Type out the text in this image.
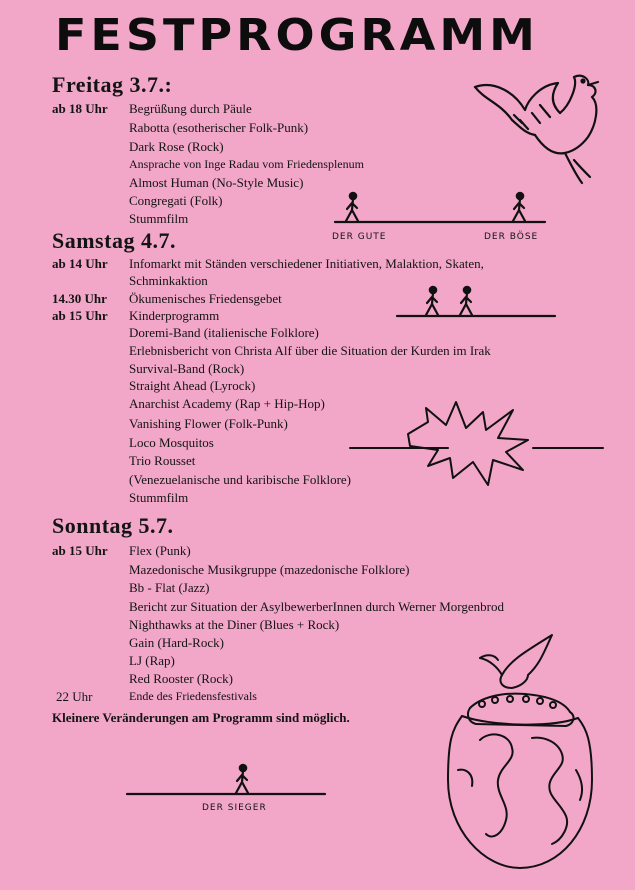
FESTPROGRAMM
Freitag 3.7.:
ab 18 Uhr Begrüßung durch Päule
Rabotta (esotherischer Folk-Punk)
Dark Rose (Rock)
Ansprache von Inge Radau vom Friedensplenum
Almost Human (No-Style Music)
Congregati (Folk)
Stummfilm
Samstag 4.7.
ab 14 Uhr Infomarkt mit Ständen verschiedener Initiativen, Malaktion, Skaten,
Schminkaktion
14.30 Uhr Ökumenisches Friedensgebet
ab 15 Uhr Kinderprogramm
Doremi-Band (italienische Folklore)
Erlebnisbericht von Christa Alf über die Situation der Kurden im Irak
Survival-Band (Rock)
Straight Ahead (Lyrock)
Anarchist Academy (Rap + Hip-Hop)
Vanishing Flower (Folk-Punk)
Loco Mosquitos
Trio Rousset
(Venezuelanische und karibische Folklore)
Stummfilm
Sonntag 5.7.
ab 15 Uhr Flex (Punk)
Mazedonische Musikgruppe (mazedonische Folklore)
Bb - Flat (Jazz)
Bericht zur Situation der AsylbewerberInnen durch Werner Morgenbrod
Nighthawks at the Diner (Blues + Rock)
Gain (Hard-Rock)
LJ (Rap)
Red Rooster (Rock)
22 Uhr	Ende des Friedensfestivals
Kleinere Veränderungen am Programm sind möglich.
DER GUTE	DER BÖSE
DER SIEGER
